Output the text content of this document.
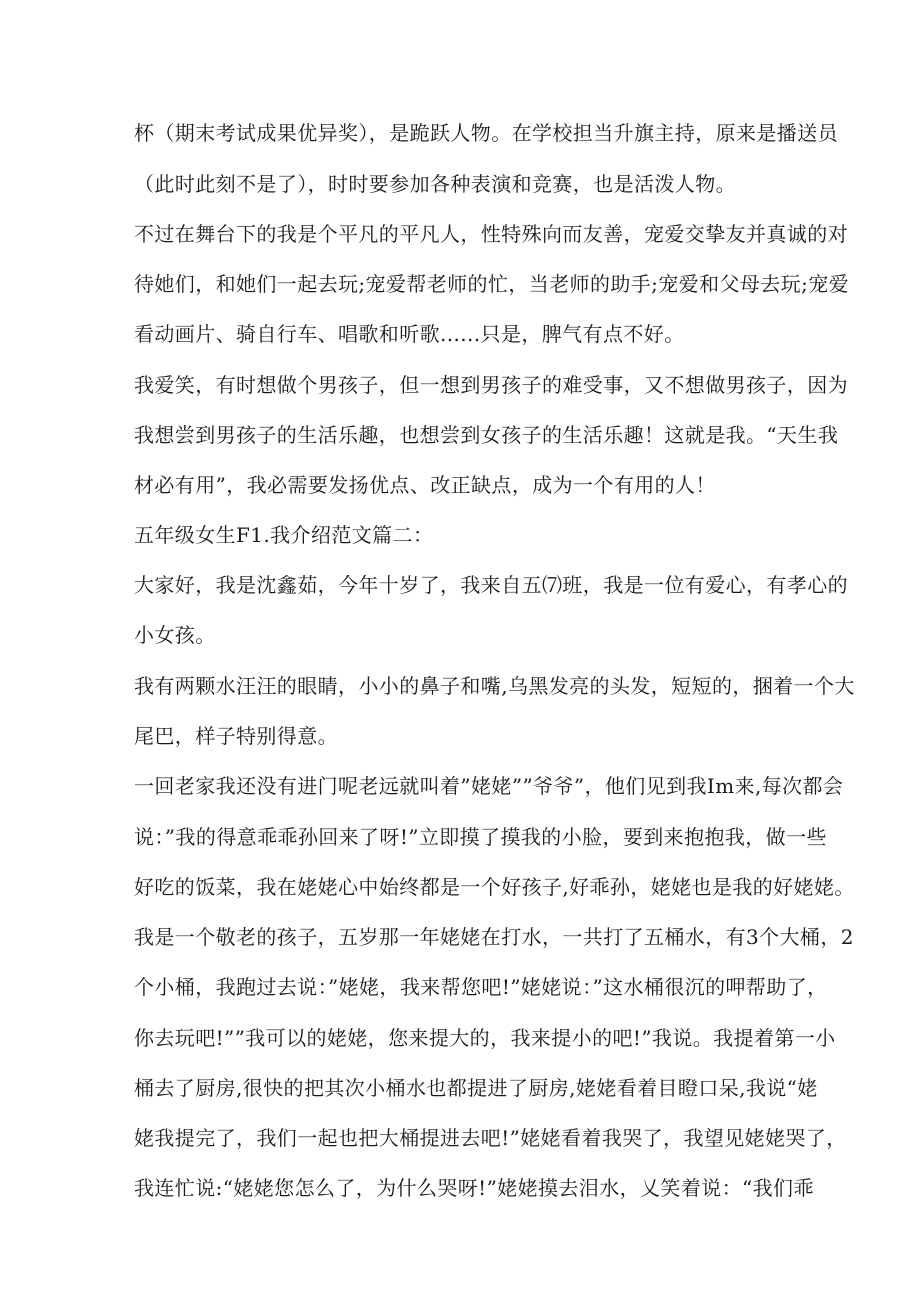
杯（期末考试成果优异奖），是跪跃人物。在学校担当升旗主持，原来是播送员
（此时此刻不是了），时时要参加各种表演和竞赛，也是活泼人物。
不过在舞台下的我是个平凡的平凡人，性特殊向而友善，宠爱交挚友并真诚的对
待她们，和她们一起去玩;宠爱帮老师的忙，当老师的助手;宠爱和父母去玩;宠爱
看动画片、骑自行车、唱歌和听歌......只是，脾气有点不好。
我爱笑，有时想做个男孩子，但一想到男孩子的难受事，又不想做男孩子，因为
我想尝到男孩子的生活乐趣，也想尝到女孩子的生活乐趣！这就是我。“天生我
材必有用”，我必需要发扬优点、改正缺点，成为一个有用的人！
五年级女生F1.我介绍范文篇二：
大家好，我是沈鑫茹，今年十岁了，我来自五⑺班，我是一位有爱心，有孝心的
小女孩。
我有两颗水汪汪的眼睛，小小的鼻子和嘴,乌黑发亮的头发，短短的，捆着一个大
尾巴，样子特别得意。
一回老家我还没有进门呢老远就叫着”姥姥””爷爷”，他们见到我Im来,每次都会
说：”我的得意乖乖孙回来了呀!”立即摸了摸我的小脸，要到来抱抱我，做一些
好吃的饭菜，我在姥姥心中始终都是一个好孩子,好乖孙，姥姥也是我的好姥姥。
我是一个敬老的孩子，五岁那一年姥姥在打水，一共打了五桶水，有3个大桶，2
个小桶，我跑过去说：”姥姥，我来帮您吧!”姥姥说：”这水桶很沉的呷帮助了，
你去玩吧!””我可以的姥姥，您来提大的，我来提小的吧!”我说。我提着第一小
桶去了厨房,很快的把其次小桶水也都提进了厨房,姥姥看着目瞪口呆,我说“姥
姥我提完了，我们一起也把大桶提进去吧!”姥姥看着我哭了，我望见姥姥哭了，
我连忙说:“姥姥您怎么了，为什么哭呀!”姥姥摸去泪水，乂笑着说：“我们乖
